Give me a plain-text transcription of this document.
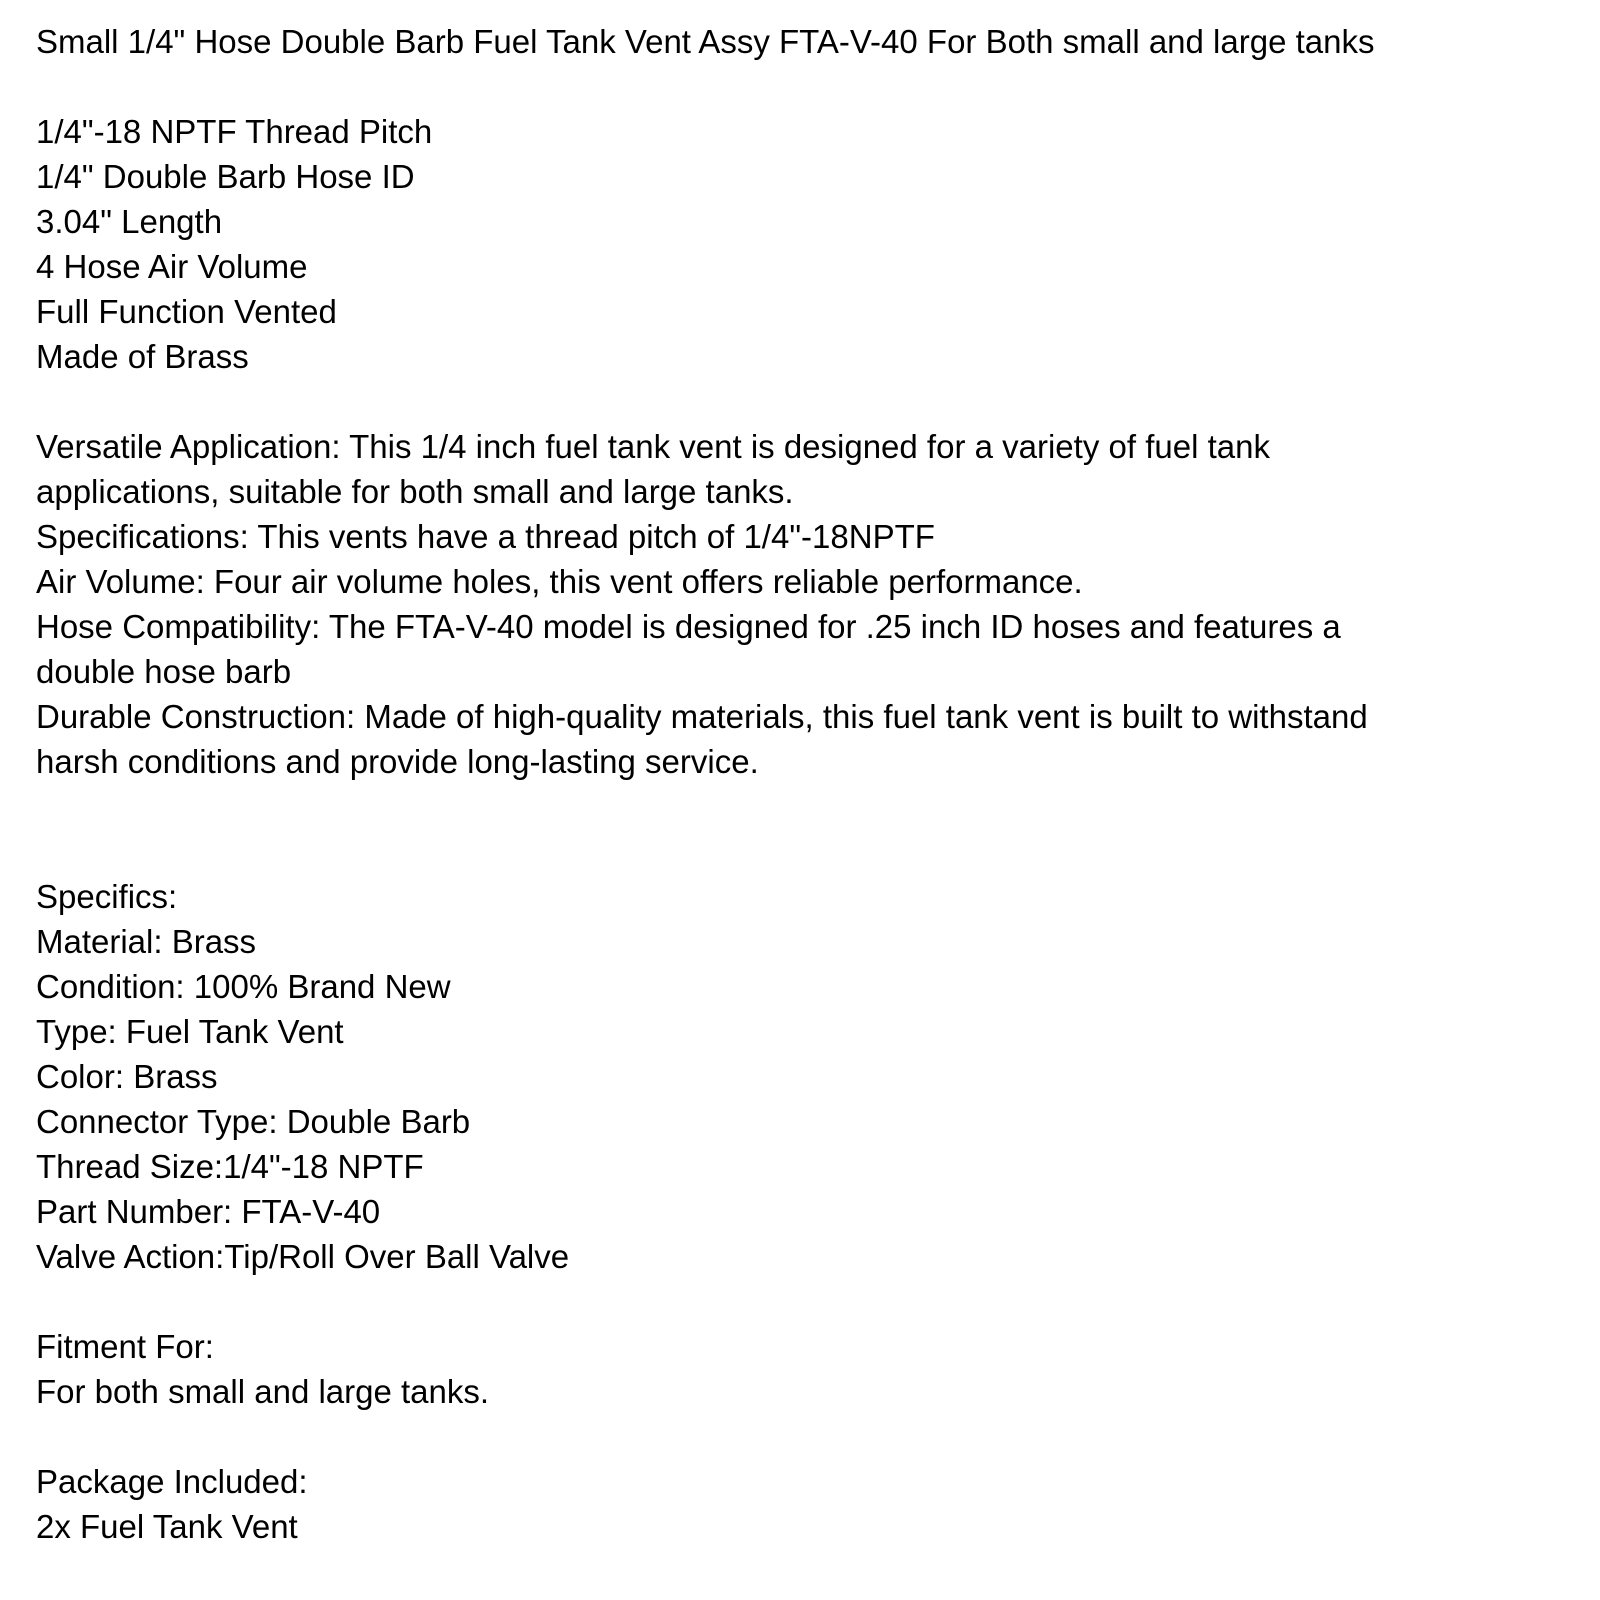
Small 1/4" Hose Double Barb Fuel Tank Vent Assy FTA-V-40 For Both small and large tanks
1/4"-18 NPTF Thread Pitch
1/4" Double Barb Hose ID
3.04" Length
4 Hose Air Volume
Full Function Vented
Made of Brass
Versatile Application: This 1/4 inch fuel tank vent is designed for a variety of fuel tank
applications, suitable for both small and large tanks.
Specifications: This vents have a thread pitch of 1/4"-18NPTF
Air Volume: Four air volume holes, this vent offers reliable performance.
Hose Compatibility: The FTA-V-40 model is designed for .25 inch ID hoses and features a
double hose barb
Durable Construction: Made of high-quality materials, this fuel tank vent is built to withstand
harsh conditions and provide long-lasting service.
Specifics:
Material: Brass
Condition: 100% Brand New
Type: Fuel Tank Vent
Color: Brass
Connector Type: Double Barb
Thread Size:1/4"-18 NPTF
Part Number: FTA-V-40
Valve Action:Tip/Roll Over Ball Valve
Fitment For:
For both small and large tanks.
Package Included:
2x Fuel Tank Vent
